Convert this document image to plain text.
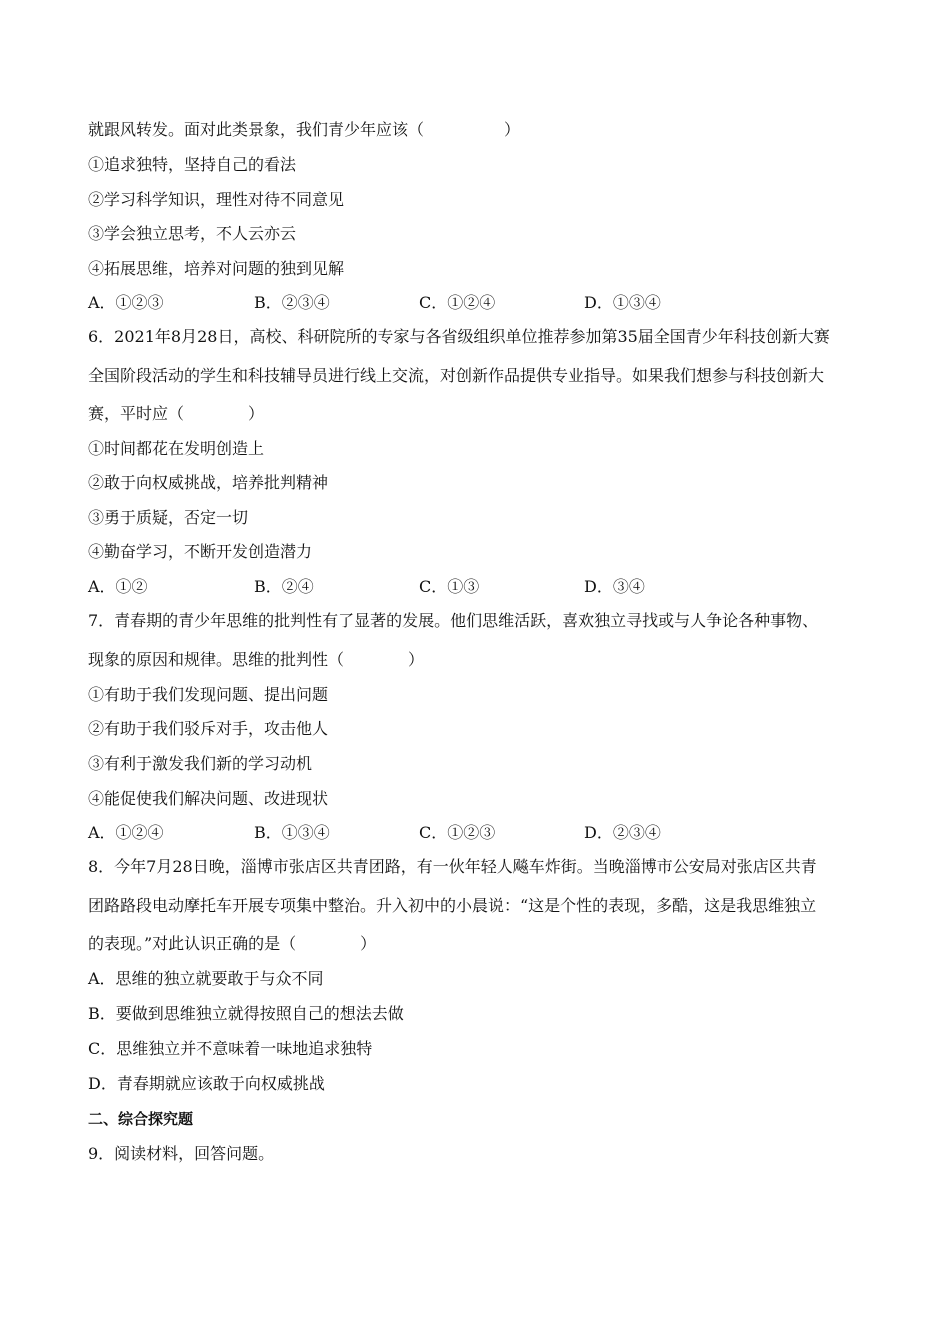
就跟风转发。面对此类景象，我们青少年应该（　　　　　）
①追求独特，坚持自己的看法
②学习科学知识，理性对待不同意见
③学会独立思考，不人云亦云
④拓展思维，培养对问题的独到见解
A．①②③	B．②③④	C．①②④	D．①③④
6．2021年8月28日，高校、科研院所的专家与各省级组织单位推荐参加第35届全国青少年科技创新大赛
全国阶段活动的学生和科技辅导员进行线上交流，对创新作品提供专业指导。如果我们想参与科技创新大
赛，平时应（　　　　）
①时间都花在发明创造上
②敢于向权威挑战，培养批判精神
③勇于质疑，否定一切
④勤奋学习，不断开发创造潜力
A．①②	B．②④	C．①③	D．③④
7．青春期的青少年思维的批判性有了显著的发展。他们思维活跃，喜欢独立寻找或与人争论各种事物、
现象的原因和规律。思维的批判性（　　　　）
①有助于我们发现问题、提出问题
②有助于我们驳斥对手，攻击他人
③有利于激发我们新的学习动机
④能促使我们解决问题、改进现状
A．①②④	B．①③④	C．①②③	D．②③④
8．今年7月28日晚，淄博市张店区共青团路，有一伙年轻人飚车炸街。当晚淄博市公安局对张店区共青
团路路段电动摩托车开展专项集中整治。升入初中的小晨说：“这是个性的表现，多酷，这是我思维独立
的表现。”对此认识正确的是（　　　　）
A．思维的独立就要敢于与众不同
B．要做到思维独立就得按照自己的想法去做
C．思维独立并不意味着一味地追求独特
D．青春期就应该敢于向权威挑战
二、综合探究题
9．阅读材料，回答问题。
